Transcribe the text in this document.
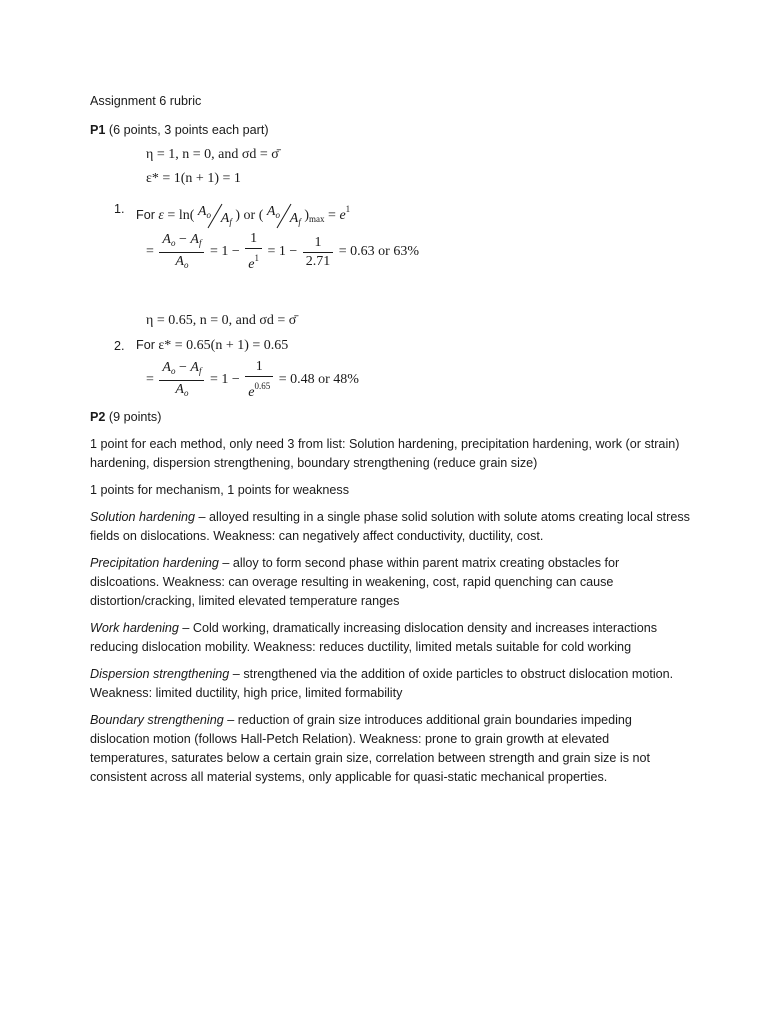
Assignment 6 rubric

P1 (6 points, 3 points each part)

η = 1, n = 0, and σd = σ̄
ε* = 1(n + 1) = 1
1. For ε = ln( $A_o$ $A_f$ ) or ( $A_o$ $A_f$ )$_{max} = e^1$
= $\frac{A_o - A_f}{A_o} = 1 - \frac{1}{e^1} = 1 - \frac{1}{2.71} = 0.63$ or 63%
η = 0.65, n = 0, and σd = σ̄
2. For ε* = 0.65(n + 1) = 0.65
= $\frac{A_o - A_f}{A_o} = 1 - \frac{1}{e^{0.65}} = 0.48$ or 48%

P2 (9 points)

1 point for each method, only need 3 from list: Solution hardening, precipitation hardening, work (or strain) hardening, dispersion strengthening, boundary strengthening (reduce grain size)

1 points for mechanism, 1 points for weakness

Solution hardening – alloyed resulting in a single phase solid solution with solute atoms creating local stress fields on dislocations. Weakness: can negatively affect conductivity, ductility, cost.

Precipitation hardening – alloy to form second phase within parent matrix creating obstacles for dislcoations. Weakness: can overage resulting in weakening, cost, rapid quenching can cause distortion/cracking, limited elevated temperature ranges

Work hardening – Cold working, dramatically increasing dislocation density and increases interactions reducing dislocation mobility. Weakness: reduces ductility, limited metals suitable for cold working

Dispersion strengthening – strengthened via the addition of oxide particles to obstruct dislocation motion. Weakness: limited ductility, high price, limited formability

Boundary strengthening – reduction of grain size introduces additional grain boundaries impeding dislocation motion (follows Hall-Petch Relation). Weakness: prone to grain growth at elevated temperatures, saturates below a certain grain size, correlation between strength and grain size is not consistent across all material systems, only applicable for quasi-static mechanical properties.
